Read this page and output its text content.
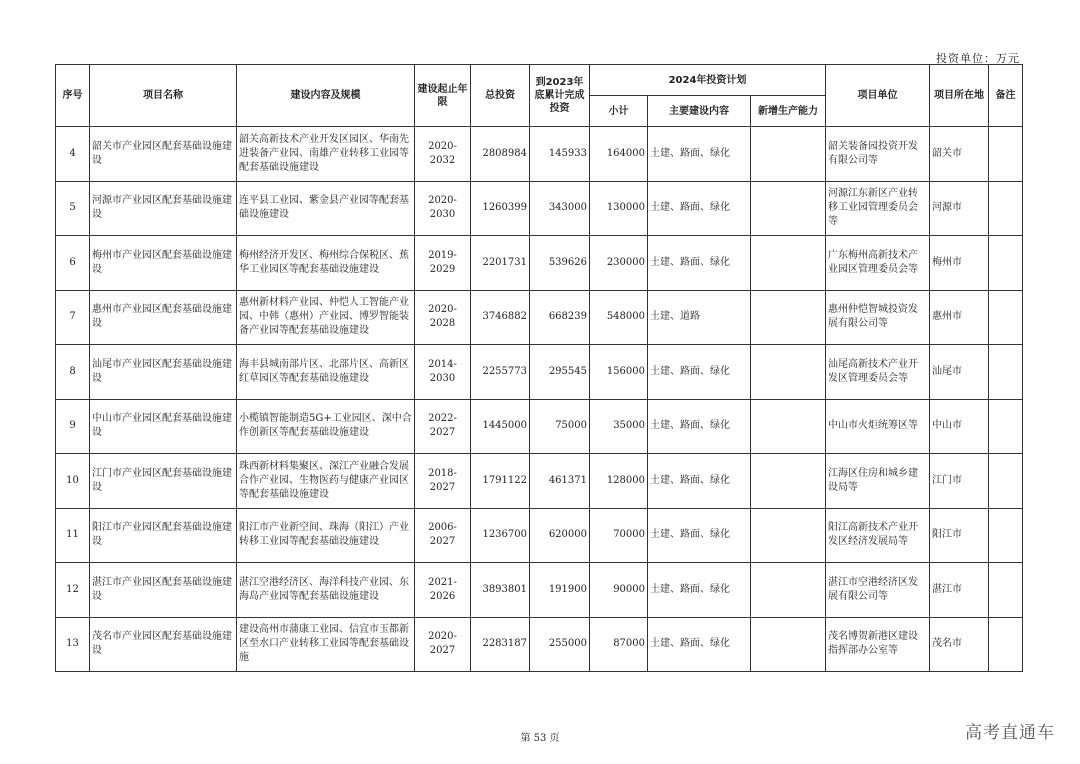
投资单位：万元
序号	项目名称	建设内容及规模	建设起止年限	总投资	到2023年底累计完成投资	2024年投资计划			项目单位	项目所在地	备注
						小计	主要建设内容	新增生产能力			
4	韶关市产业园区配套基础设施建设	韶关高新技术产业开发区园区、华南先进装备产业园、南雄产业转移工业园等配套基础设施建设	2020-2032	2808984	145933	164000	土建、路面、绿化		韶关装备园投资开发有限公司等	韶关市	
5	河源市产业园区配套基础设施建设	连平县工业园、紫金县产业园等配套基础设施建设	2020-2030	1260399	343000	130000	土建、路面、绿化		河源江东新区产业转移工业园管理委员会等	河源市	
6	梅州市产业园区配套基础设施建设	梅州经济开发区、梅州综合保税区、蕉华工业园区等配套基础设施建设	2019-2029	2201731	539626	230000	土建、路面、绿化		广东梅州高新技术产业园区管理委员会等	梅州市	
7	惠州市产业园区配套基础设施建设	惠州新材料产业园、仲恺人工智能产业园、中韩（惠州）产业园、博罗智能装备产业园等配套基础设施建设	2020-2028	3746882	668239	548000	土建、道路		惠州仲恺智城投资发展有限公司等	惠州市	
8	汕尾市产业园区配套基础设施建设	海丰县城南部片区、北部片区、高新区红草园区等配套基础设施建设	2014-2030	2255773	295545	156000	土建、路面、绿化		汕尾高新技术产业开发区管理委员会等	汕尾市	
9	中山市产业园区配套基础设施建设	小榄镇智能制造5G+工业园区、深中合作创新区等配套基础设施建设	2022-2027	1445000	75000	35000	土建、路面、绿化		中山市火炬统筹区等	中山市	
10	江门市产业园区配套基础设施建设	珠西新材料集聚区、深江产业融合发展合作产业园、生物医药与健康产业园区等配套基础设施建设	2018-2027	1791122	461371	128000	土建、路面、绿化		江海区住房和城乡建设局等	江门市	
11	阳江市产业园区配套基础设施建设	阳江市产业新空间、珠海（阳江）产业转移工业园等配套基础设施建设	2006-2027	1236700	620000	70000	土建、路面、绿化		阳江高新技术产业开发区经济发展局等	阳江市	
12	湛江市产业园区配套基础设施建设	湛江空港经济区、海洋科技产业园、东海岛产业园等配套基础设施建设	2021-2026	3893801	191900	90000	土建、路面、绿化		湛江市空港经济区发展有限公司等	湛江市	
13	茂名市产业园区配套基础设施建设	建设高州市蒲康工业园、信宜市玉都新区至水口产业转移工业园等配套基础设施	2020-2027	2283187	255000	87000	土建、路面、绿化		茂名博贺新港区建设指挥部办公室等	茂名市	
第 53 页	高考直通车
